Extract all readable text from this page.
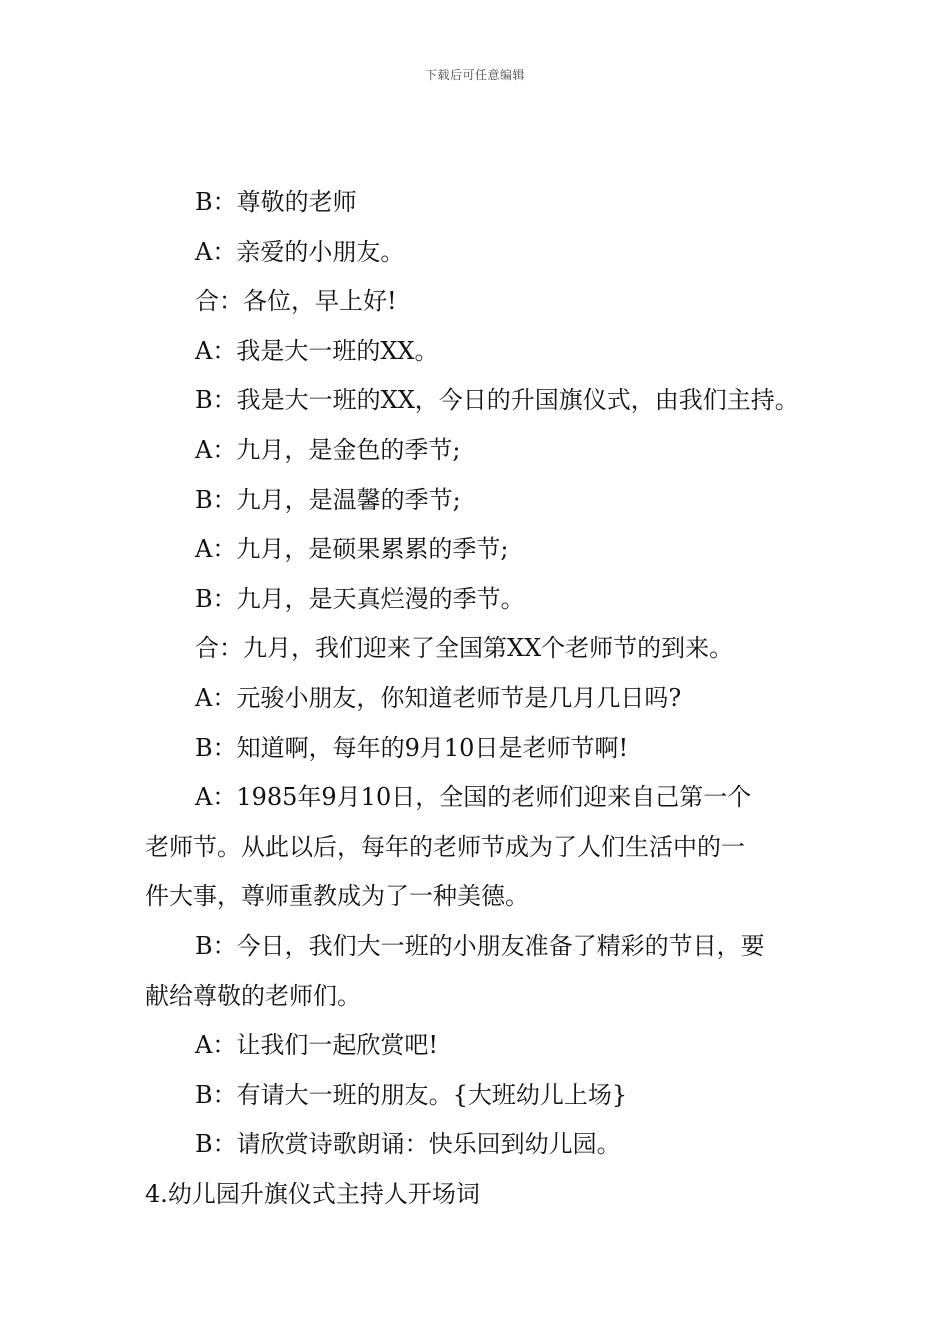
下载后可任意编辑

B：尊敬的老师

A：亲爱的小朋友。

合：各位，早上好!

A：我是大一班的XX。

B：我是大一班的XX，今日的升国旗仪式，由我们主持。

A：九月，是金色的季节;

B：九月，是温馨的季节;

A：九月，是硕果累累的季节;

B：九月，是天真烂漫的季节。

合：九月，我们迎来了全国第XX个老师节的到来。

A：元骏小朋友，你知道老师节是几月几日吗?

B：知道啊，每年的9月10日是老师节啊!

A：1985年9月10日，全国的老师们迎来自己第一个

老师节。从此以后，每年的老师节成为了人们生活中的一

件大事，尊师重教成为了一种美德。

B：今日，我们大一班的小朋友准备了精彩的节目，要

献给尊敬的老师们。

A：让我们一起欣赏吧!

B：有请大一班的朋友。{大班幼儿上场}

B：请欣赏诗歌朗诵：快乐回到幼儿园。

4.幼儿园升旗仪式主持人开场词
